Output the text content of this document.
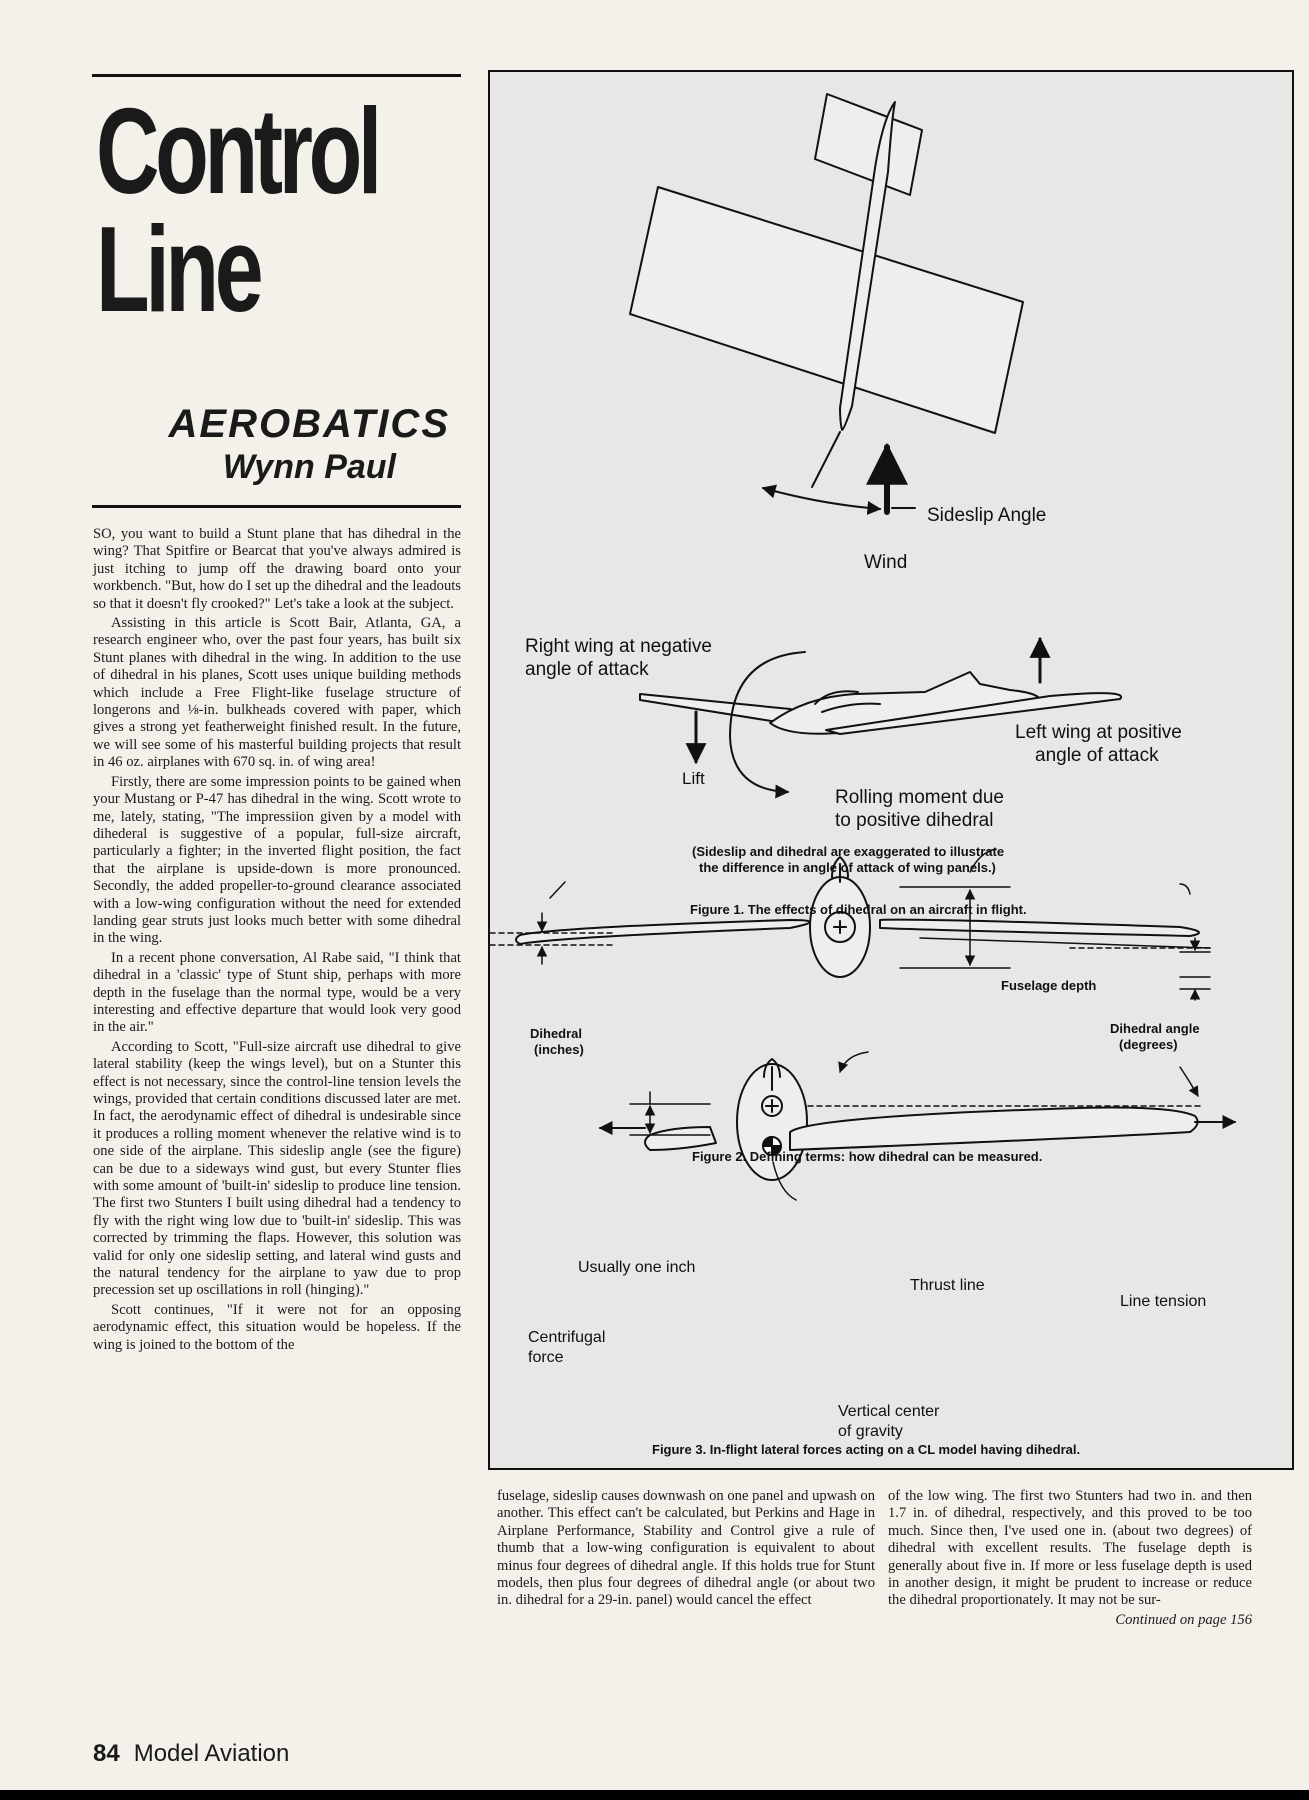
Control
Line
AEROBATICS
Wynn Paul

SO, you want to build a Stunt plane that has dihedral in the wing? That Spitfire or Bearcat that you've always admired is just itching to jump off the drawing board onto your workbench. "But, how do I set up the dihedral and the leadouts so that it doesn't fly crooked?" Let's take a look at the subject.

Assisting in this article is Scott Bair, Atlanta, GA, a research engineer who, over the past four years, has built six Stunt planes with dihedral in the wing. In addition to the use of dihedral in his planes, Scott uses unique building methods which include a Free Flight-like fuselage structure of longerons and ⅛-in. bulkheads covered with paper, which gives a strong yet featherweight finished result. In the future, we will see some of his masterful building projects that result in 46 oz. airplanes with 670 sq. in. of wing area!

Firstly, there are some impression points to be gained when your Mustang or P-47 has dihedral in the wing. Scott wrote to me, lately, stating, "The impressiion given by a model with dihederal is suggestive of a popular, full-size aircraft, particularly a fighter; in the inverted flight position, the fact that the airplane is upside-down is more pronounced. Secondly, the added propeller-to-ground clearance associated with a low-wing configuration without the need for extended landing gear struts just looks much better with some dihedral in the wing.

In a recent phone conversation, Al Rabe said, "I think that dihedral in a 'classic' type of Stunt ship, perhaps with more depth in the fuselage than the normal type, would be a very interesting and effective departure that would look very good in the air."

According to Scott, "Full-size aircraft use dihedral to give lateral stability (keep the wings level), but on a Stunter this effect is not necessary, since the control-line tension levels the wings, provided that certain conditions discussed later are met. In fact, the aerodynamic effect of dihedral is undesirable since it produces a rolling moment whenever the relative wind is to one side of the airplane. This sideslip angle (see the figure) can be due to a sideways wind gust, but every Stunter flies with some amount of 'built-in' sideslip to produce line tension. The first two Stunters I built using dihedral had a tendency to fly with the right wing low due to 'built-in' sideslip. This was corrected by trimming the flaps. However, this solution was valid for only one sideslip setting, and lateral wind gusts and the natural tendency for the airplane to yaw due to prop precession set up oscillations in roll (hinging)."

Scott continues, "If it were not for an opposing aerodynamic effect, this situation would be hopeless. If the wing is joined to the bottom of the

fuselage, sideslip causes downwash on one panel and upwash on another. This effect can't be calculated, but Perkins and Hage in Airplane Performance, Stability and Control give a rule of thumb that a low-wing configuration is equivalent to about minus four degrees of dihedral angle. If this holds true for Stunt models, then plus four degrees of dihedral angle (or about two in. dihedral for a 29-in. panel) would cancel the effect

of the low wing. The first two Stunters had two in. and then 1.7 in. of dihedral, respectively, and this proved to be too much. Since then, I've used one in. (about two degrees) of dihedral with excellent results. The fuselage depth is generally about five in. If more or less fuselage depth is used in another design, it might be prudent to increase or reduce the dihedral proportionately. It may not be sur-

Continued on page 156
84 Model Aviation
Sideslip Angle
Wind
Right wing at negative
angle of attack
Left wing at positive
angle of attack
Lift
Rolling moment due
to positive dihedral
(Sideslip and dihedral are exaggerated to illustrate
the difference in angle of attack of wing panels.)
Figure 1. The effects of dihedral on an aircraft in flight.
Fuselage depth
Dihedral
(inches)
Dihedral angle
(degrees)
Figure 2. Defining terms: how dihedral can be measured.
Usually one inch
Thrust line
Line tension
Centrifugal
force
Vertical center
of gravity
Figure 3. In-flight lateral forces acting on a CL model having dihedral.
